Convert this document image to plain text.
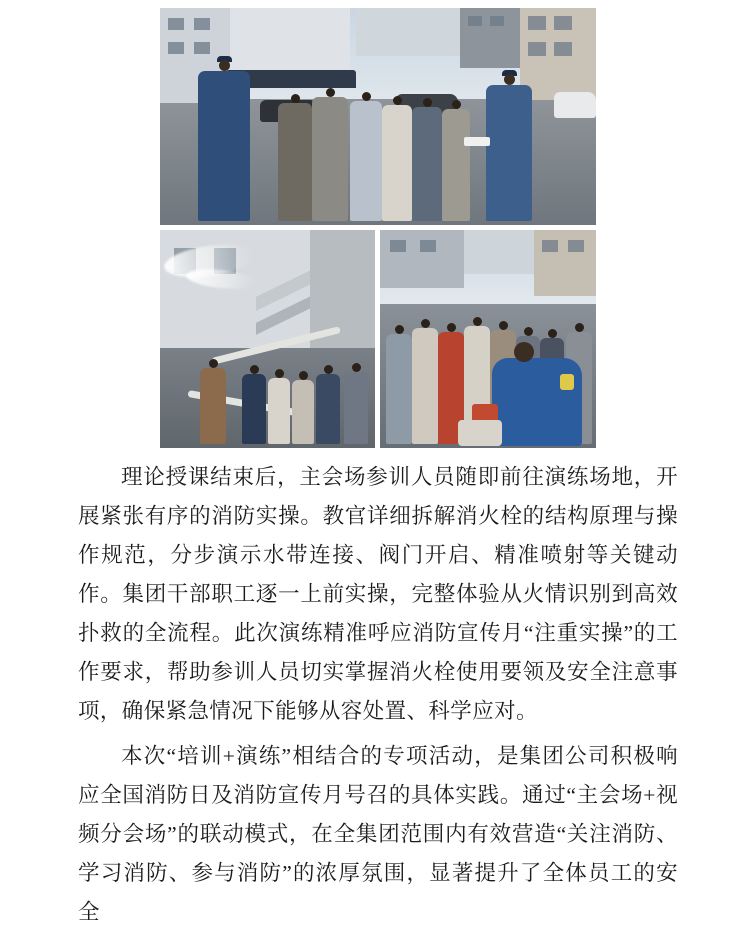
理论授课结束后，主会场参训人员随即前往演练场地，开展紧张有序的消防实操。教官详细拆解消火栓的结构原理与操作规范，分步演示水带连接、阀门开启、精准喷射等关键动作。集团干部职工逐一上前实操，完整体验从火情识别到高效扑救的全流程。此次演练精准呼应消防宣传月“注重实操”的工作要求，帮助参训人员切实掌握消火栓使用要领及安全注意事项，确保紧急情况下能够从容处置、科学应对。

本次“培训+演练”相结合的专项活动，是集团公司积极响应全国消防日及消防宣传月号召的具体实践。通过“主会场+视频分会场”的联动模式，在全集团范围内有效营造“关注消防、学习消防、参与消防”的浓厚氛围，显著提升了全体员工的安全
